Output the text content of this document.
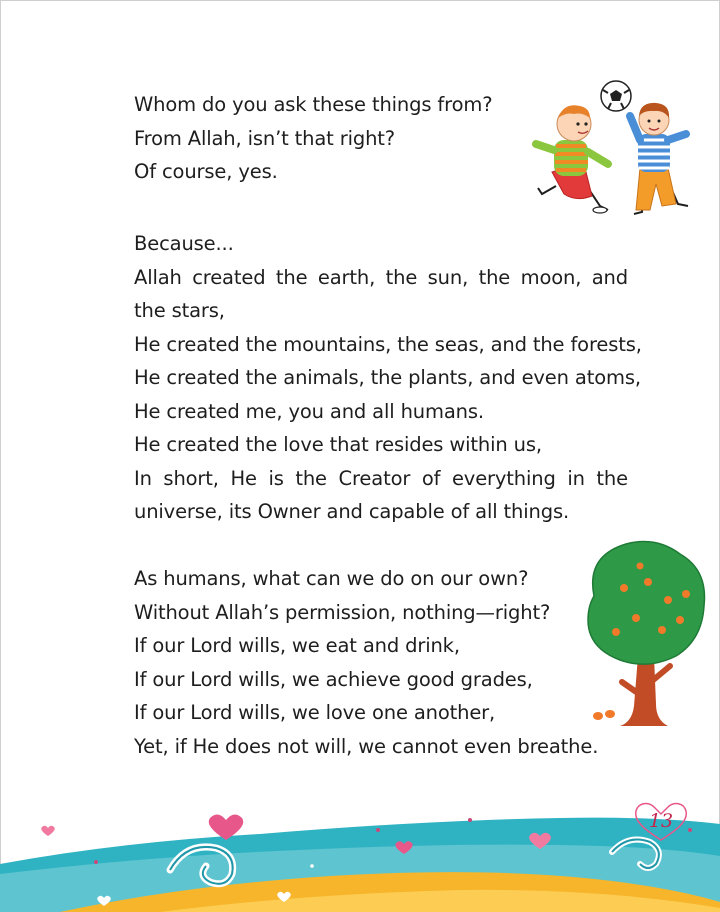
Whom do you ask these things from?
From Allah, isn’t that right?
Of course, yes.
Because...
Allah created the earth, the sun, the moon, and the stars,
He created the mountains, the seas, and the forests,
He created the animals, the plants, and even atoms,
He created me, you and all humans.
He created the love that resides within us,
In short, He is the Creator of everything in the universe, its Owner and capable of all things.
As humans, what can we do on our own?
Without Allah’s permission, nothing—right?
If our Lord wills, we eat and drink,
If our Lord wills, we achieve good grades,
If our Lord wills, we love one another,
Yet, if He does not will, we cannot even breathe.
13
